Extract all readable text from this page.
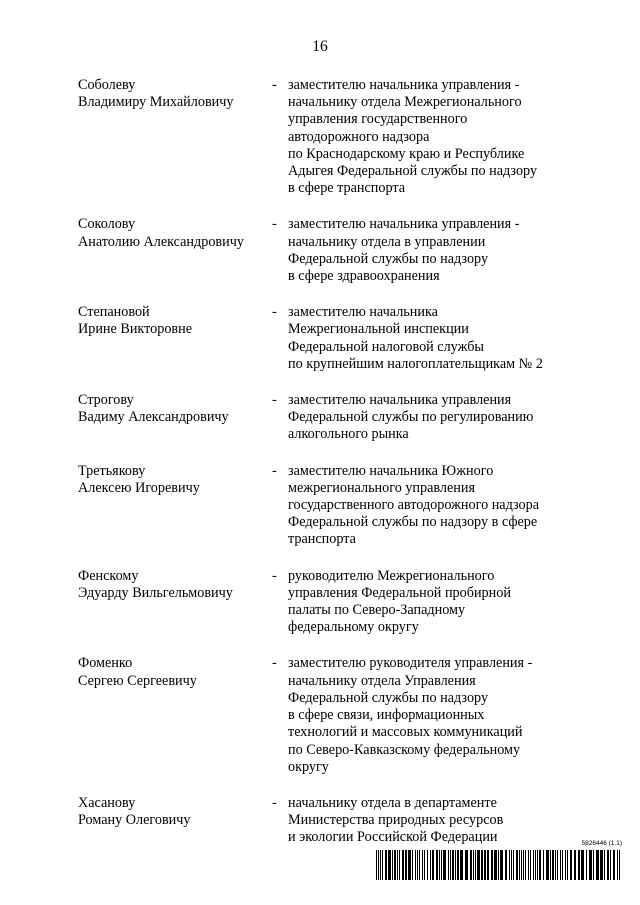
16
Соболеву
Владимиру Михайловичу
- заместителю начальника управления -
начальнику отдела Межрегионального
управления государственного
автодорожного надзора
по Краснодарскому краю и Республике
Адыгея Федеральной службы по надзору
в сфере транспорта
Соколову
Анатолию Александровичу
- заместителю начальника управления -
начальнику отдела в управлении
Федеральной службы по надзору
в сфере здравоохранения
Степановой
Ирине Викторовне
- заместителю начальника
Межрегиональной инспекции
Федеральной налоговой службы
по крупнейшим налогоплательщикам № 2
Строгову
Вадиму Александровичу
- заместителю начальника управления
Федеральной службы по регулированию
алкогольного рынка
Третьякову
Алексею Игоревичу
- заместителю начальника Южного
межрегионального управления
государственного автодорожного надзора
Федеральной службы по надзору в сфере
транспорта
Фенскому
Эдуарду Вильгельмовичу
- руководителю Межрегионального
управления Федеральной пробирной
палаты по Северо-Западному
федеральному округу
Фоменко
Сергею Сергеевичу
- заместителю руководителя управления -
начальнику отдела Управления
Федеральной службы по надзору
в сфере связи, информационных
технологий и массовых коммуникаций
по Северо-Кавказскому федеральному
округу
Хасанову
Роману Олеговичу
- начальнику отдела в департаменте
Министерства природных ресурсов
и экологии Российской Федерации	5826446 (1.1)
